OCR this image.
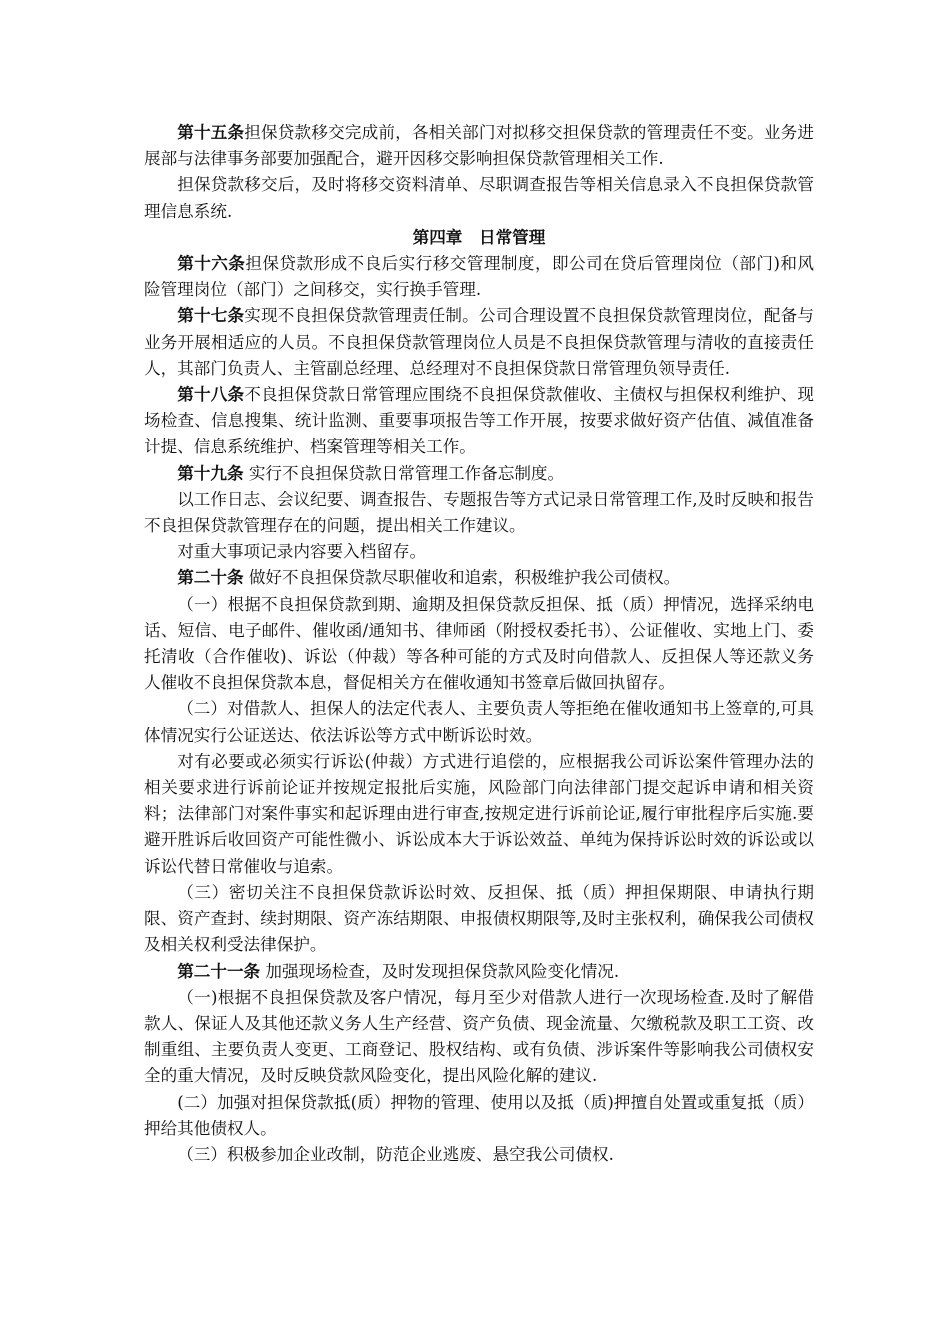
第十五条担保贷款移交完成前，各相关部门对拟移交担保贷款的管理责任不变。业务进展部与法律事务部要加强配合，避开因移交影响担保贷款管理相关工作.

担保贷款移交后，及时将移交资料清单、尽职调查报告等相关信息录入不良担保贷款管理信息系统.

第四章　日常管理

第十六条担保贷款形成不良后实行移交管理制度，即公司在贷后管理岗位（部门)和风险管理岗位（部门）之间移交，实行换手管理.

第十七条实现不良担保贷款管理责任制。公司合理设置不良担保贷款管理岗位，配备与业务开展相适应的人员。不良担保贷款管理岗位人员是不良担保贷款管理与清收的直接责任人，其部门负责人、主管副总经理、总经理对不良担保贷款日常管理负领导责任.

第十八条不良担保贷款日常管理应围绕不良担保贷款催收、主债权与担保权利维护、现场检查、信息搜集、统计监测、重要事项报告等工作开展，按要求做好资产估值、减值准备计提、信息系统维护、档案管理等相关工作。

第十九条 实行不良担保贷款日常管理工作备忘制度。

以工作日志、会议纪要、调查报告、专题报告等方式记录日常管理工作,及时反映和报告不良担保贷款管理存在的问题，提出相关工作建议。

对重大事项记录内容要入档留存。

第二十条 做好不良担保贷款尽职催收和追索，积极维护我公司债权。

（一）根据不良担保贷款到期、逾期及担保贷款反担保、抵（质）押情况，选择采纳电话、短信、电子邮件、催收函/通知书、律师函（附授权委托书）、公证催收、实地上门、委托清收（合作催收)、诉讼（仲裁）等各种可能的方式及时向借款人、反担保人等还款义务人催收不良担保贷款本息，督促相关方在催收通知书签章后做回执留存。

（二）对借款人、担保人的法定代表人、主要负责人等拒绝在催收通知书上签章的,可具体情况实行公证送达、依法诉讼等方式中断诉讼时效。

对有必要或必须实行诉讼(仲裁）方式进行追偿的，应根据我公司诉讼案件管理办法的相关要求进行诉前论证并按规定报批后实施，风险部门向法律部门提交起诉申请和相关资料；法律部门对案件事实和起诉理由进行审查,按规定进行诉前论证,履行审批程序后实施.要避开胜诉后收回资产可能性微小、诉讼成本大于诉讼效益、单纯为保持诉讼时效的诉讼或以诉讼代替日常催收与追索。

（三）密切关注不良担保贷款诉讼时效、反担保、抵（质）押担保期限、申请执行期限、资产查封、续封期限、资产冻结期限、申报债权期限等,及时主张权利，确保我公司债权及相关权利受法律保护。

第二十一条 加强现场检查，及时发现担保贷款风险变化情况.

（一)根据不良担保贷款及客户情况，每月至少对借款人进行一次现场检查.及时了解借款人、保证人及其他还款义务人生产经营、资产负债、现金流量、欠缴税款及职工工资、改制重组、主要负责人变更、工商登记、股权结构、或有负债、涉诉案件等影响我公司债权安全的重大情况，及时反映贷款风险变化，提出风险化解的建议.

(二）加强对担保贷款抵(质）押物的管理、使用以及抵（质)押擅自处置或重复抵（质）押给其他债权人。

（三）积极参加企业改制，防范企业逃废、悬空我公司债权.
